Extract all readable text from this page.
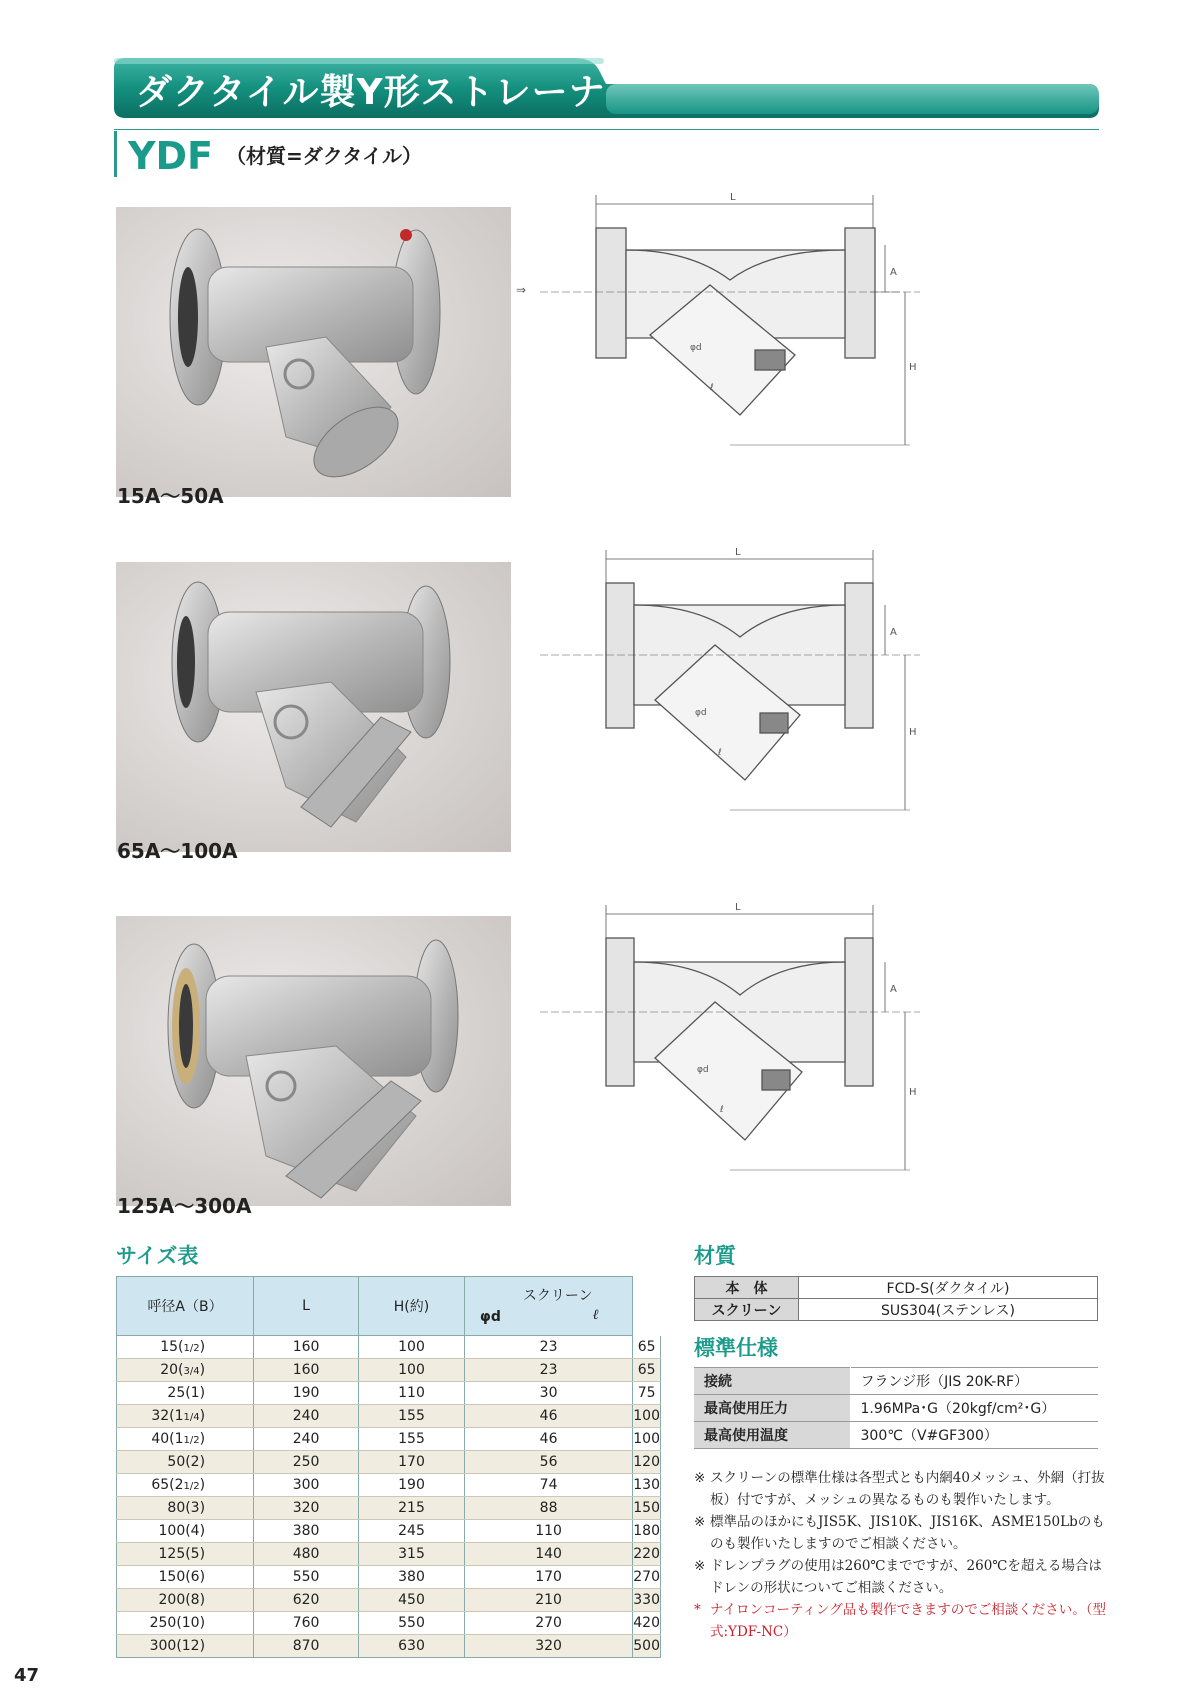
ダクタイル製Y形ストレーナ
YDF （材質=ダクタイル）
15A～50A
65A～100A
125A～300A
L
⇒
A
H
φd
ℓ
L
A
H
φd
ℓ
L
A
H
φd
ℓ
サイズ表
呼径A（B）	L	H(約)	スクリーン
φd ℓ	

15(1/2)	160	100	23	65
20(3/4)	160	100	23	65
25(1)	190	110	30	75
32(11/4)	240	155	46	100
40(11/2)	240	155	46	100
50(2)	250	170	56	120
65(21/2)	300	190	74	130
80(3)	320	215	88	150
100(4)	380	245	110	180
125(5)	480	315	140	220
150(6)	550	380	170	270
200(8)	620	450	210	330
250(10)	760	550	270	420
300(12)	870	630	320	500
材質
本　体	FCD-S(ダクタイル)
スクリーン	SUS304(ステンレス)
標準仕様
接続	フランジ形（JIS 20K-RF）
最高使用圧力	1.96MPa･G（20kgf/cm²･G）
最高使用温度	300℃（V#GF300）
※ スクリーンの標準仕様は各型式とも内網40メッシュ、外網（打抜板）付ですが、メッシュの異なるものも製作いたします。
※ 標準品のほかにもJIS5K、JIS10K、JIS16K、ASME150Lbのものも製作いたしますのでご相談ください。
※ ドレンプラグの使用は260℃までですが、260℃を超える場合はドレンの形状についてご相談ください。
* ナイロンコーティング品も製作できますのでご相談ください。（型式:YDF-NC）
47
